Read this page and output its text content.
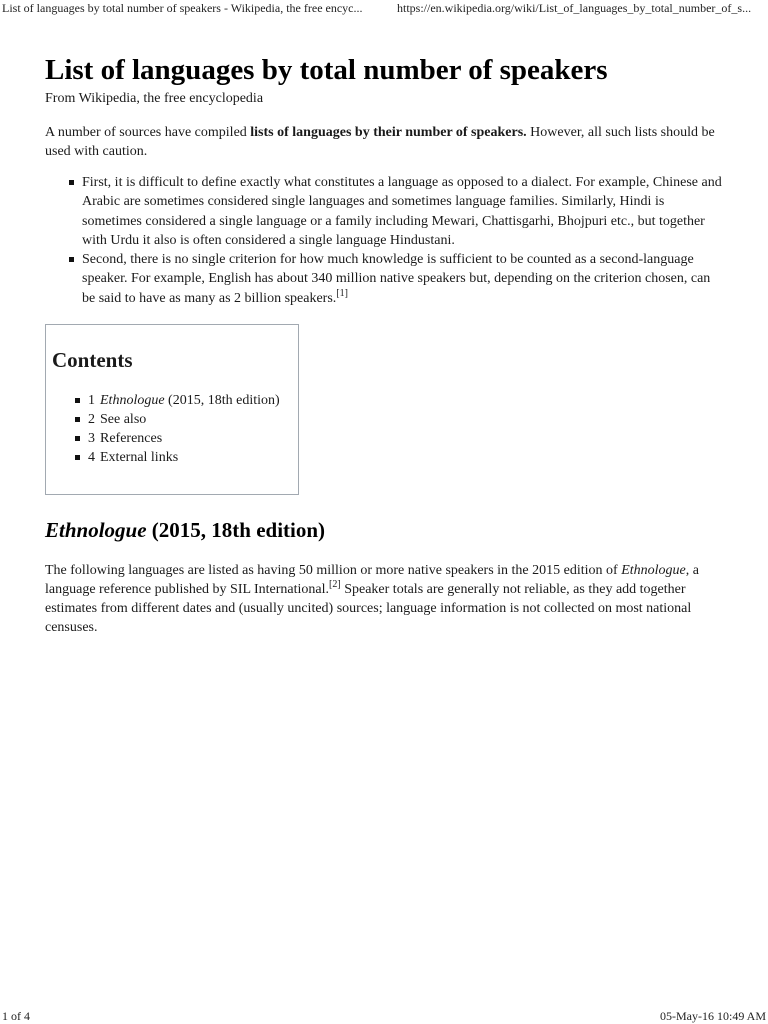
List of languages by total number of speakers - Wikipedia, the free encyc...	https://en.wikipedia.org/wiki/List_of_languages_by_total_number_of_s...
List of languages by total number of speakers
From Wikipedia, the free encyclopedia

A number of sources have compiled lists of languages by their number of speakers. However, all such lists should be used with caution.

First, it is difficult to define exactly what constitutes a language as opposed to a dialect. For example, Chinese and Arabic are sometimes considered single languages and sometimes language families. Similarly, Hindi is sometimes considered a single language or a family including Mewari, Chattisgarhi, Bhojpuri etc., but together with Urdu it also is often considered a single language Hindustani.
Second, there is no single criterion for how much knowledge is sufficient to be counted as a second-language speaker. For example, English has about 340 million native speakers but, depending on the criterion chosen, can be said to have as many as 2 billion speakers.[1]
Contents
1 Ethnologue (2015, 18th edition)
2 See also
3 References
4 External links
Ethnologue (2015, 18th edition)

The following languages are listed as having 50 million or more native speakers in the 2015 edition of Ethnologue, a language reference published by SIL International.[2] Speaker totals are generally not reliable, as they add together estimates from different dates and (usually uncited) sources; language information is not collected on most national censuses.

1 of 4	05-May-16 10:49 AM
